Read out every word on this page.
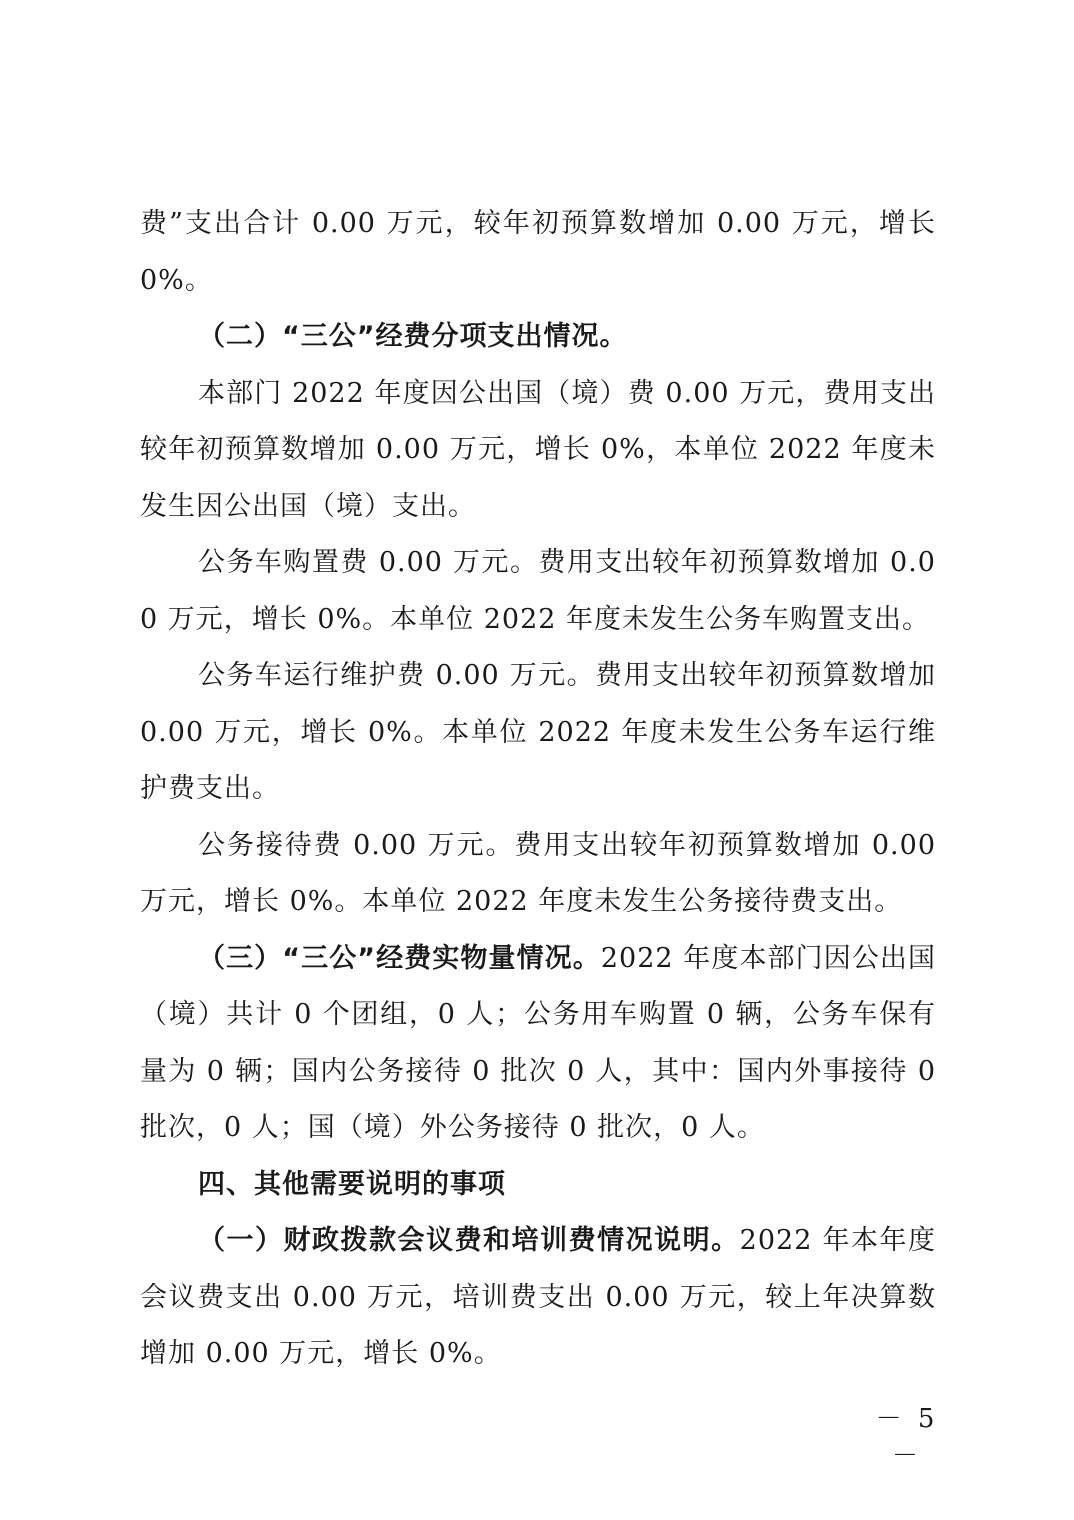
费”支出合计 0.00 万元，较年初预算数增加 0.00 万元，增长 0%。

（二）“三公”经费分项支出情况。

本部门 2022 年度因公出国（境）费 0.00 万元，费用支出较年初预算数增加 0.00 万元，增长 0%，本单位 2022 年度未发生因公出国（境）支出。

公务车购置费 0.00 万元。费用支出较年初预算数增加 0.00 万元，增长 0%。本单位 2022 年度未发生公务车购置支出。

公务车运行维护费 0.00 万元。费用支出较年初预算数增加 0.00 万元，增长 0%。本单位 2022 年度未发生公务车运行维护费支出。

公务接待费 0.00 万元。费用支出较年初预算数增加 0.00 万元，增长 0%。本单位 2022 年度未发生公务接待费支出。

（三）“三公”经费实物量情况。2022 年度本部门因公出国（境）共计 0 个团组，0 人；公务用车购置 0 辆，公务车保有量为 0 辆；国内公务接待 0 批次 0 人，其中：国内外事接待 0 批次，0 人；国（境）外公务接待 0 批次，0 人。

四、其他需要说明的事项

（一）财政拨款会议费和培训费情况说明。2022 年本年度会议费支出 0.00 万元，培训费支出 0.00 万元，较上年决算数增加 0.00 万元，增长 0%。

－ 5 －
